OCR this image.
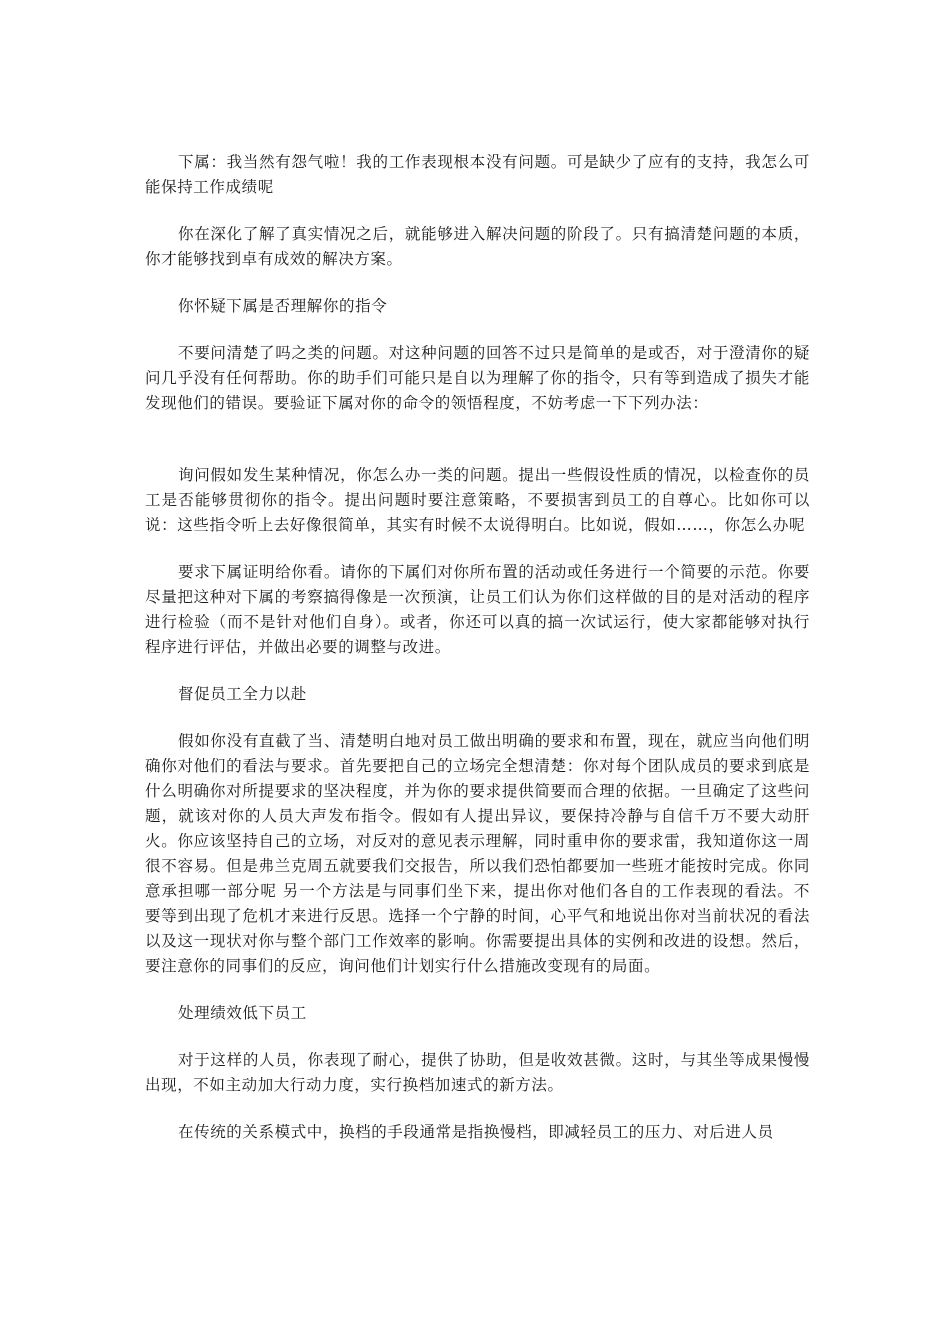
下属：我当然有怨气啦！我的工作表现根本没有问题。可是缺少了应有的支持，我怎么可能保持工作成绩呢

你在深化了解了真实情况之后，就能够进入解决问题的阶段了。只有搞清楚问题的本质，你才能够找到卓有成效的解决方案。

你怀疑下属是否理解你的指令

不要问清楚了吗之类的问题。对这种问题的回答不过只是简单的是或否，对于澄清你的疑问几乎没有任何帮助。你的助手们可能只是自以为理解了你的指令，只有等到造成了损失才能发现他们的错误。要验证下属对你的命令的领悟程度，不妨考虑一下下列办法：

询问假如发生某种情况，你怎么办一类的问题。提出一些假设性质的情况，以检查你的员工是否能够贯彻你的指令。提出问题时要注意策略，不要损害到员工的自尊心。比如你可以说：这些指令听上去好像很简单，其实有时候不太说得明白。比如说，假如……，你怎么办呢

要求下属证明给你看。请你的下属们对你所布置的活动或任务进行一个简要的示范。你要尽量把这种对下属的考察搞得像是一次预演，让员工们认为你们这样做的目的是对活动的程序进行检验（而不是针对他们自身）。或者，你还可以真的搞一次试运行，使大家都能够对执行程序进行评估，并做出必要的调整与改进。

督促员工全力以赴

假如你没有直截了当、清楚明白地对员工做出明确的要求和布置，现在，就应当向他们明确你对他们的看法与要求。首先要把自己的立场完全想清楚：你对每个团队成员的要求到底是什么明确你对所提要求的坚决程度，并为你的要求提供简要而合理的依据。一旦确定了这些问题，就该对你的人员大声发布指令。假如有人提出异议，要保持冷静与自信千万不要大动肝火。你应该坚持自己的立场，对反对的意见表示理解，同时重申你的要求雷，我知道你这一周很不容易。但是弗兰克周五就要我们交报告，所以我们恐怕都要加一些班才能按时完成。你同意承担哪一部分呢 另一个方法是与同事们坐下来，提出你对他们各自的工作表现的看法。不要等到出现了危机才来进行反思。选择一个宁静的时间，心平气和地说出你对当前状况的看法以及这一现状对你与整个部门工作效率的影响。你需要提出具体的实例和改进的设想。然后，要注意你的同事们的反应，询问他们计划实行什么措施改变现有的局面。

处理绩效低下员工

对于这样的人员，你表现了耐心，提供了协助，但是收效甚微。这时，与其坐等成果慢慢出现，不如主动加大行动力度，实行换档加速式的新方法。

在传统的关系模式中，换档的手段通常是指换慢档，即减轻员工的压力、对后进人员
